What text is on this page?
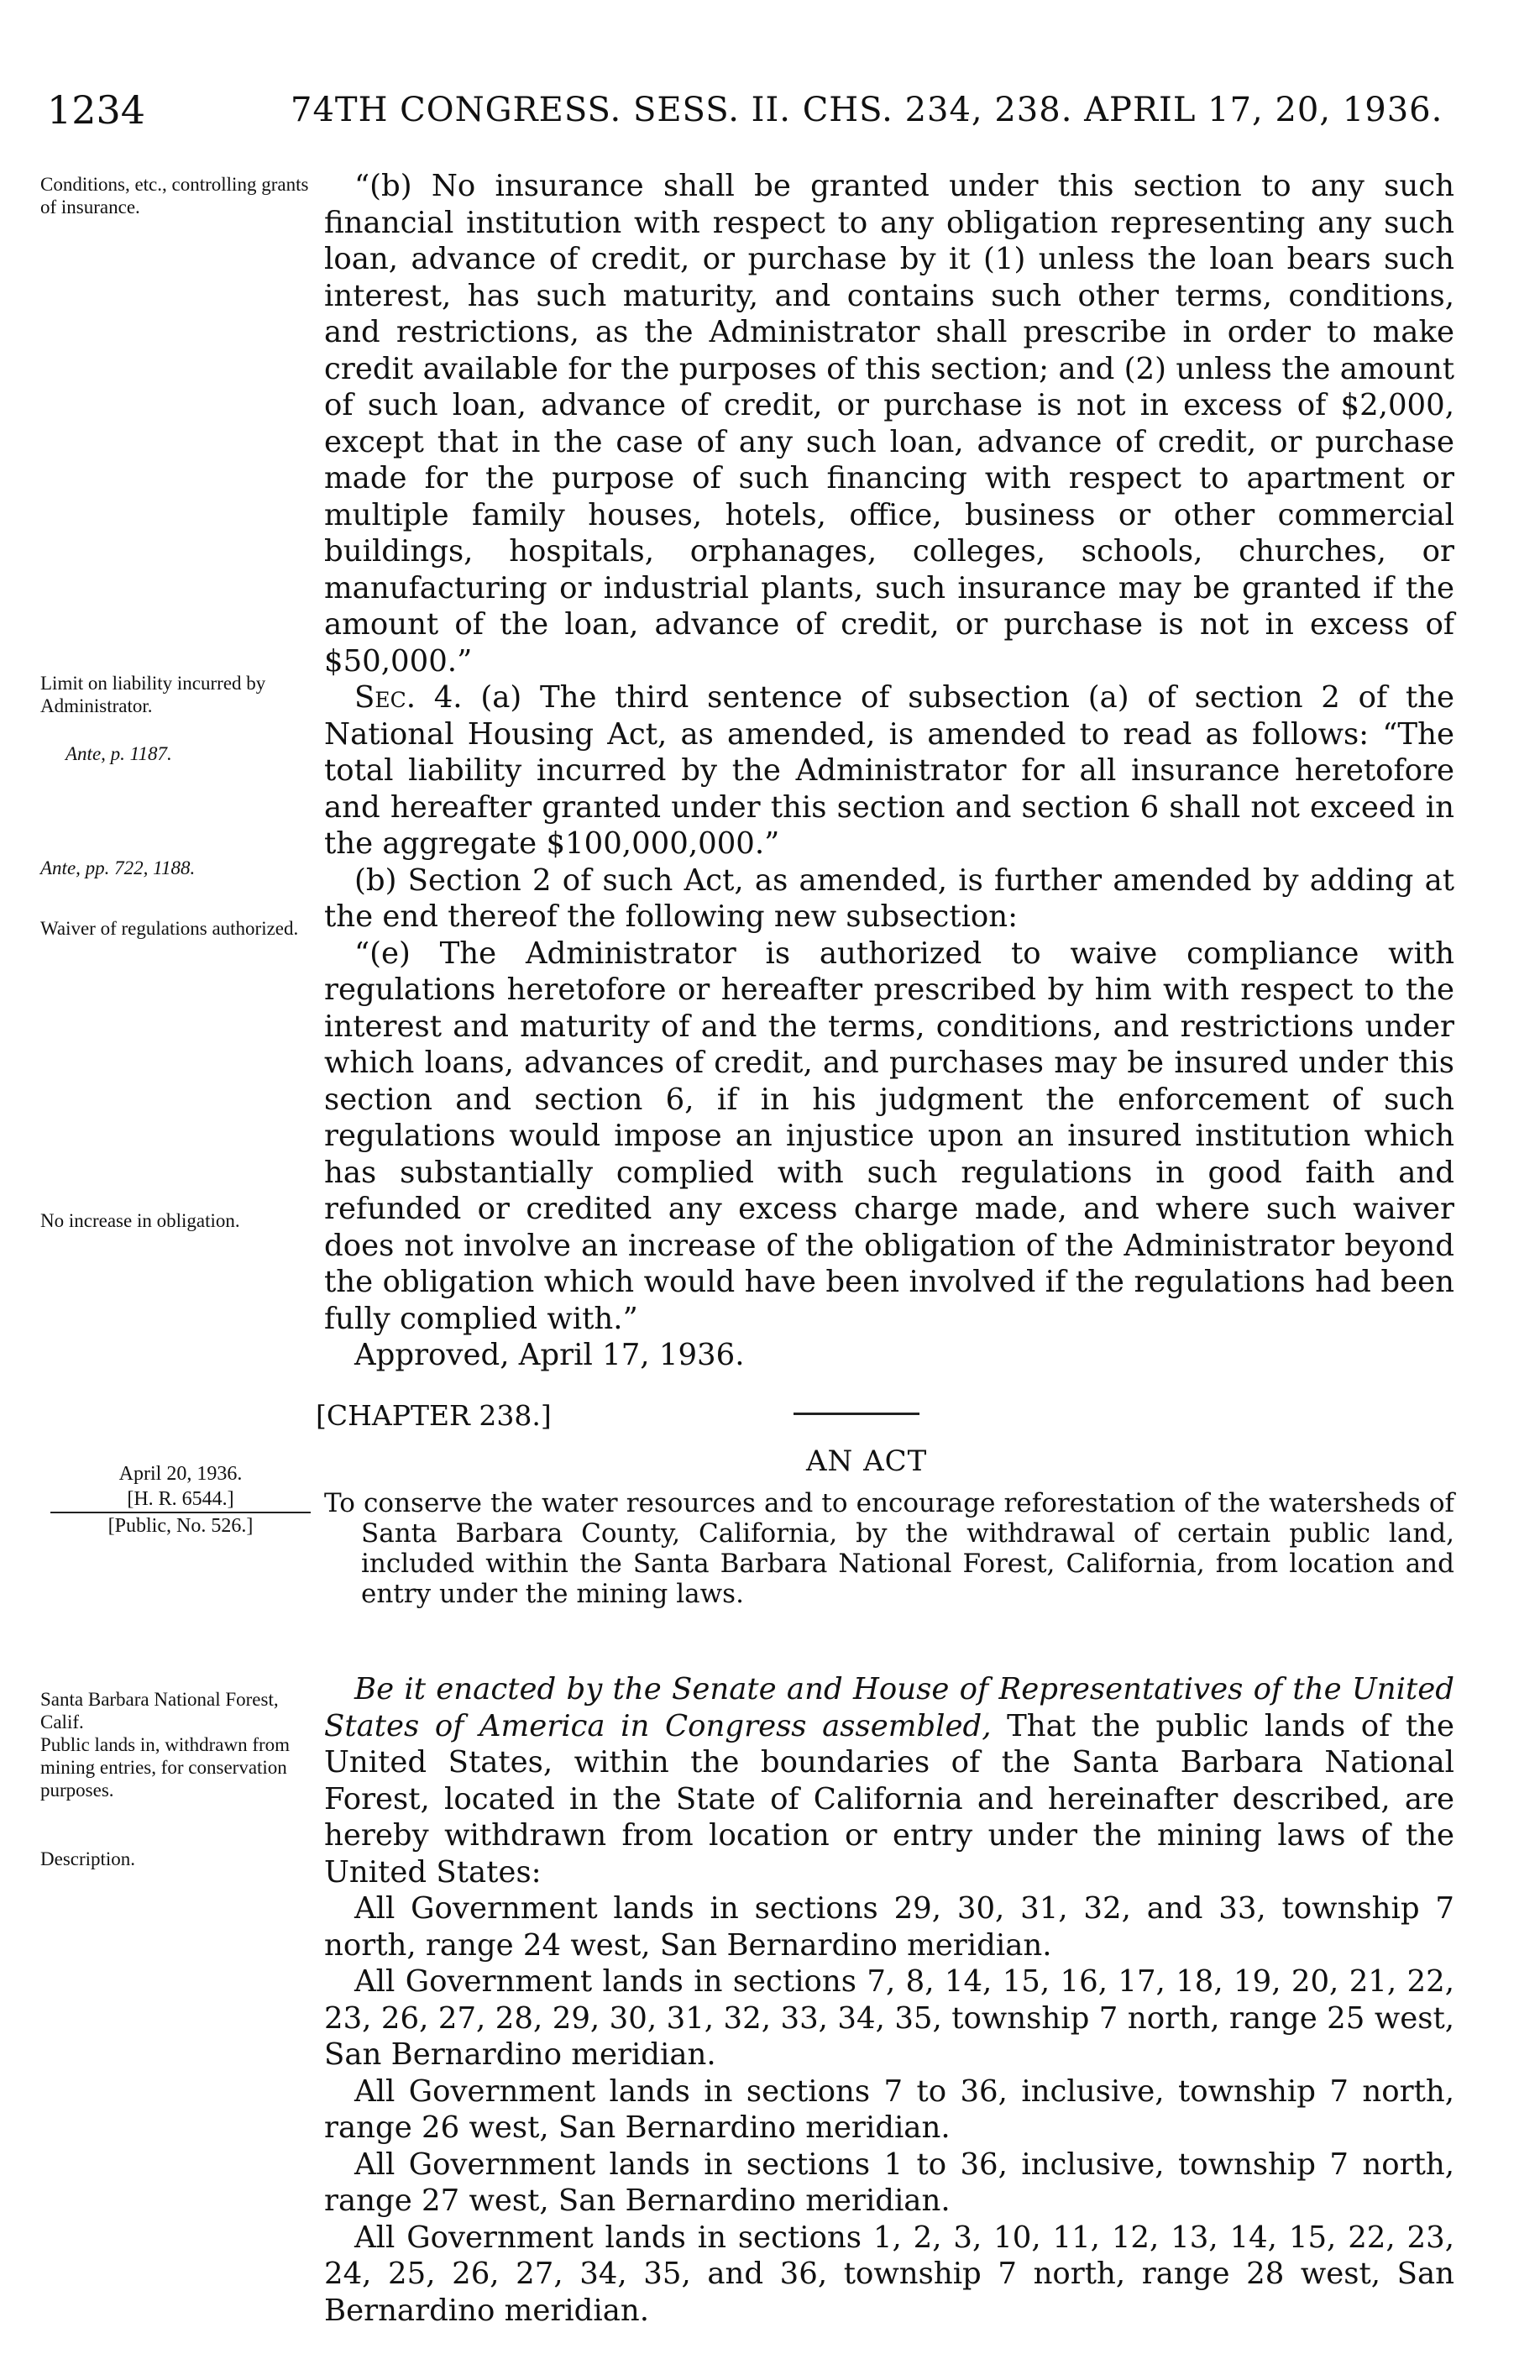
1234	74TH CONGRESS. SESS. II. CHS. 234, 238. APRIL 17, 20, 1936.
Conditions, etc., controlling grants of insurance.
Limit on liability incurred by Administrator.
Ante, p. 1187.
Ante, pp. 722, 1188.
Waiver of regulations authorized.
No increase in obligation.
Santa Barbara National Forest, Calif.
Public lands in, withdrawn from mining entries, for conservation purposes.
Description.

“(b) No insurance shall be granted under this section to any such financial institution with respect to any obligation representing any such loan, advance of credit, or purchase by it (1) unless the loan bears such interest, has such maturity, and contains such other terms, conditions, and restrictions, as the Administrator shall prescribe in order to make credit available for the purposes of this section; and (2) unless the amount of such loan, advance of credit, or purchase is not in excess of $2,000, except that in the case of any such loan, advance of credit, or purchase made for the purpose of such financing with respect to apartment or multiple family houses, hotels, office, business or other commercial buildings, hospitals, orphanages, colleges, schools, churches, or manufacturing or industrial plants, such insurance may be granted if the amount of the loan, advance of credit, or purchase is not in excess of $50,000.”

Sec. 4. (a) The third sentence of subsection (a) of section 2 of the National Housing Act, as amended, is amended to read as follows: “The total liability incurred by the Administrator for all insurance heretofore and hereafter granted under this section and section 6 shall not exceed in the aggregate $100,000,000.”

(b) Section 2 of such Act, as amended, is further amended by adding at the end thereof the following new subsection:

“(e) The Administrator is authorized to waive compliance with regulations heretofore or hereafter prescribed by him with respect to the interest and maturity of and the terms, conditions, and restrictions under which loans, advances of credit, and purchases may be insured under this section and section 6, if in his judgment the enforcement of such regulations would impose an injustice upon an insured institution which has substantially complied with such regulations in good faith and refunded or credited any excess charge made, and where such waiver does not involve an increase of the obligation of the Administrator beyond the obligation which would have been involved if the regulations had been fully complied with.”

Approved, April 17, 1936.

[CHAPTER 238.]
AN ACT
April 20, 1936.
[H. R. 6544.]
[Public, No. 526.]

To conserve the water resources and to encourage reforestation of the watersheds of Santa Barbara County, California, by the withdrawal of certain public land, included within the Santa Barbara National Forest, California, from location and entry under the mining laws.

Be it enacted by the Senate and House of Representatives of the United States of America in Congress assembled, That the public lands of the United States, within the boundaries of the Santa Barbara National Forest, located in the State of California and hereinafter described, are hereby withdrawn from location or entry under the mining laws of the United States:

All Government lands in sections 29, 30, 31, 32, and 33, township 7 north, range 24 west, San Bernardino meridian.

All Government lands in sections 7, 8, 14, 15, 16, 17, 18, 19, 20, 21, 22, 23, 26, 27, 28, 29, 30, 31, 32, 33, 34, 35, township 7 north, range 25 west, San Bernardino meridian.

All Government lands in sections 7 to 36, inclusive, township 7 north, range 26 west, San Bernardino meridian.

All Government lands in sections 1 to 36, inclusive, township 7 north, range 27 west, San Bernardino meridian.

All Government lands in sections 1, 2, 3, 10, 11, 12, 13, 14, 15, 22, 23, 24, 25, 26, 27, 34, 35, and 36, township 7 north, range 28 west, San Bernardino meridian.
